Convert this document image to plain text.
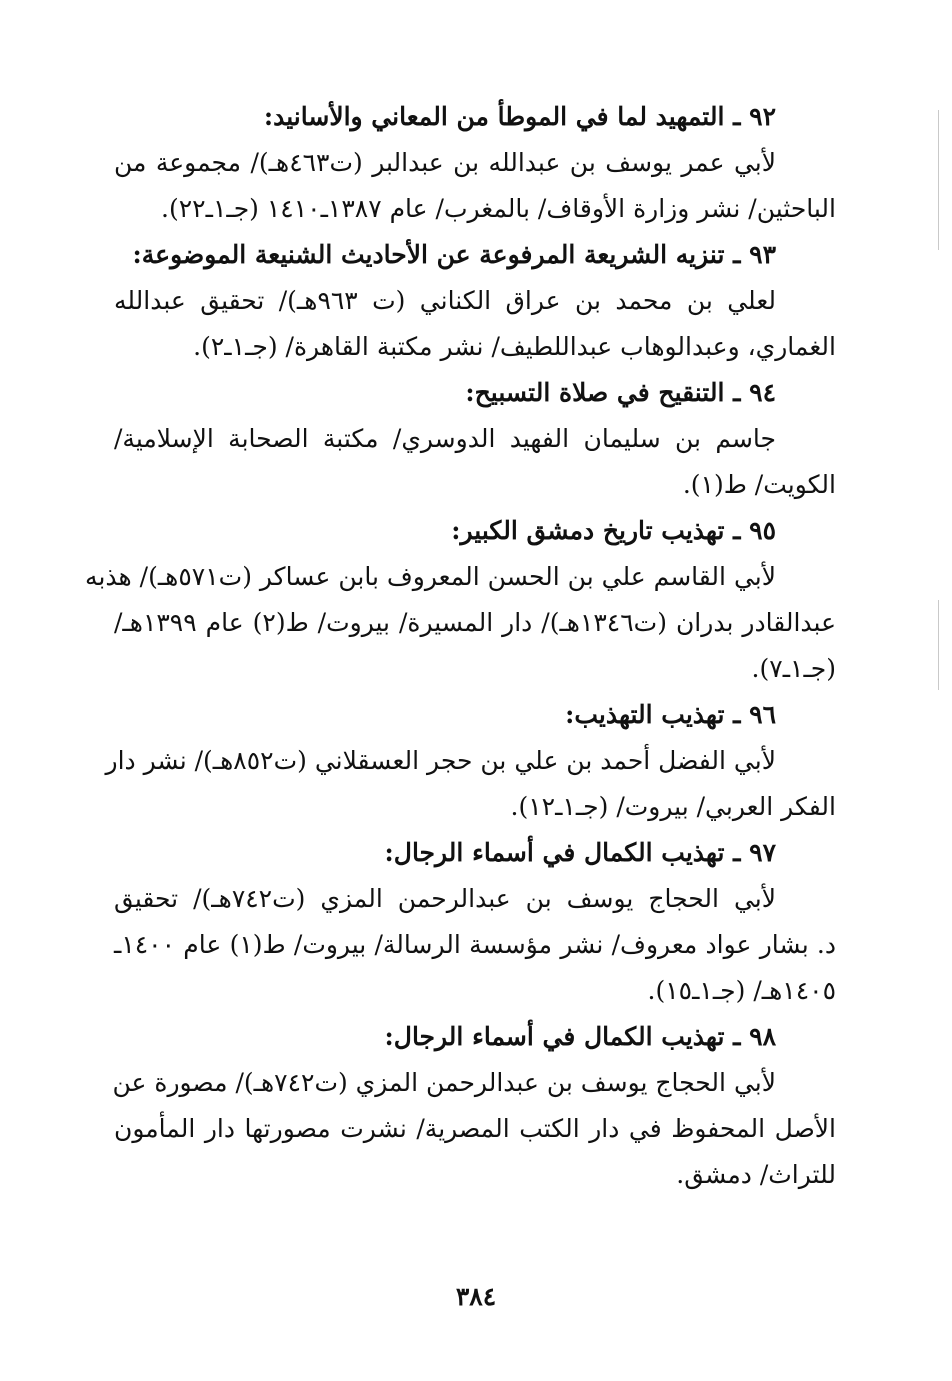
٩٢ ـ التمهيد لما في الموطأ من المعاني والأسانيد:
لأبي عمر يوسف بن عبدالله بن عبدالبر (ت٤٦٣هـ)/ مجموعة من
الباحثين/ نشر وزارة الأوقاف/ بالمغرب/ عام ١٣٨٧ـ١٤١٠ (جـ١ـ٢٢).
٩٣ ـ تنزيه الشريعة المرفوعة عن الأحاديث الشنيعة الموضوعة:
لعلي بن محمد بن عراق الكناني (ت ٩٦٣هـ)/ تحقيق عبدالله
الغماري، وعبدالوهاب عبداللطيف/ نشر مكتبة القاهرة/ (جـ١ـ٢).
٩٤ ـ التنقيح في صلاة التسبيح:
جاسم بن سليمان الفهيد الدوسري/ مكتبة الصحابة الإسلامية/
الكويت/ ط(١).
٩٥ ـ تهذيب تاريخ دمشق الكبير:
لأبي القاسم علي بن الحسن المعروف بابن عساكر (ت٥٧١هـ)/ هذبه
عبدالقادر بدران (ت١٣٤٦هـ)/ دار المسيرة/ بيروت/ ط(٢) عام ١٣٩٩هـ/
(جـ١ـ٧).
٩٦ ـ تهذيب التهذيب:
لأبي الفضل أحمد بن علي بن حجر العسقلاني (ت٨٥٢هـ)/ نشر دار
الفكر العربي/ بيروت/ (جـ١ـ١٢).
٩٧ ـ تهذيب الكمال في أسماء الرجال:
لأبي الحجاج يوسف بن عبدالرحمن المزي (ت٧٤٢هـ)/ تحقيق
د. بشار عواد معروف/ نشر مؤسسة الرسالة/ بيروت/ ط(١) عام ١٤٠٠ـ
١٤٠٥هـ/ (جـ١ـ١٥).
٩٨ ـ تهذيب الكمال في أسماء الرجال:
لأبي الحجاج يوسف بن عبدالرحمن المزي (ت٧٤٢هـ)/ مصورة عن
الأصل المحفوظ في دار الكتب المصرية/ نشرت مصورتها دار المأمون
للتراث/ دمشق.
٣٨٤
